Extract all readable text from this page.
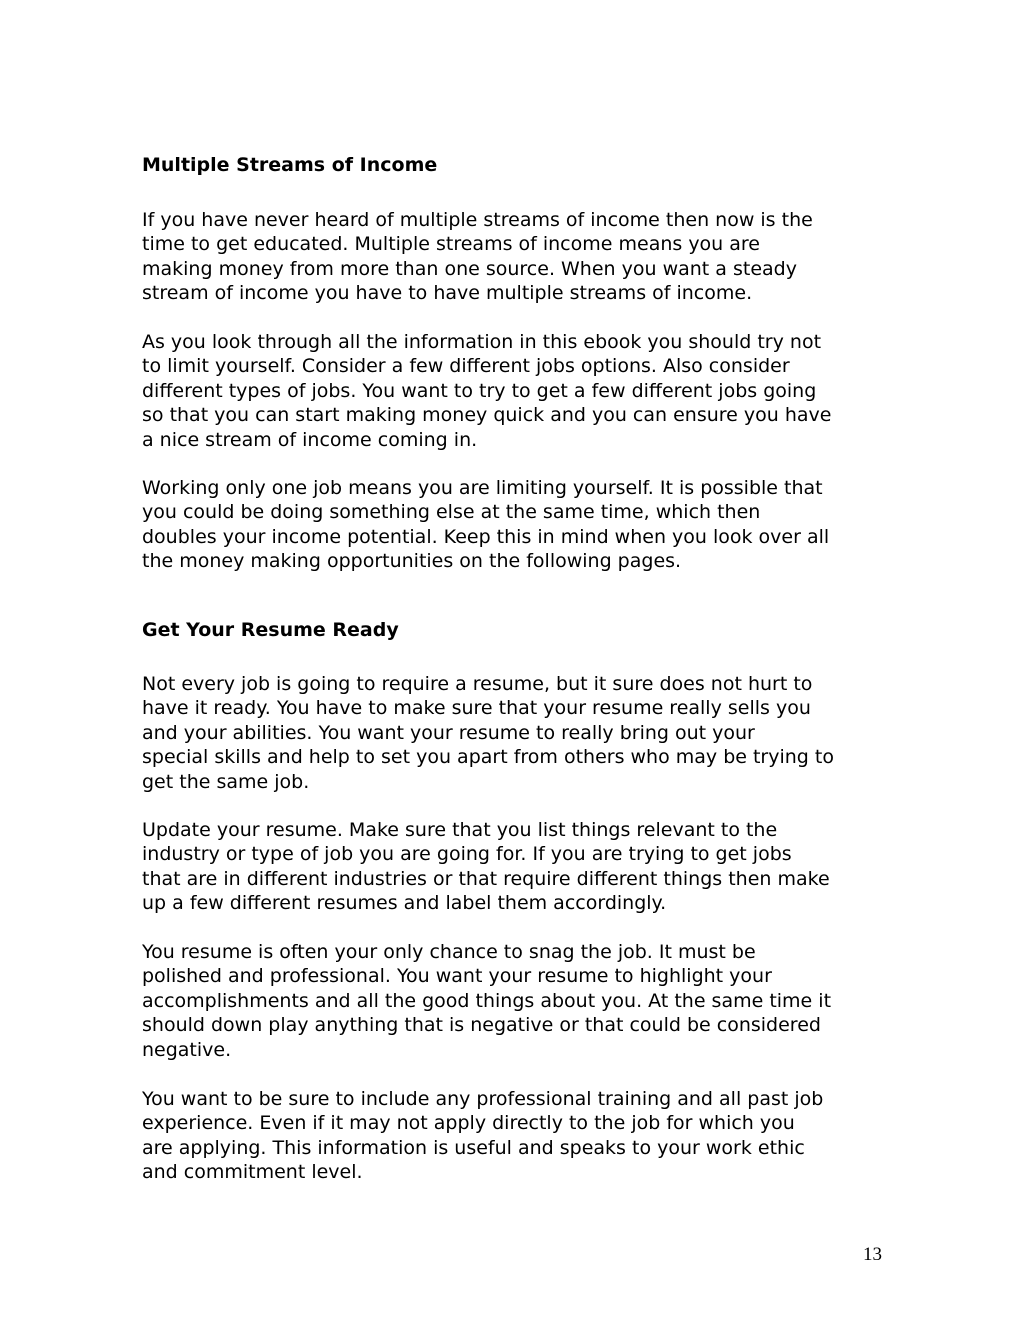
Multiple Streams of Income

If you have never heard of multiple streams of income then now is the
time to get educated. Multiple streams of income means you are
making money from more than one source. When you want a steady
stream of income you have to have multiple streams of income.

As you look through all the information in this ebook you should try not
to limit yourself. Consider a few different jobs options. Also consider
different types of jobs. You want to try to get a few different jobs going
so that you can start making money quick and you can ensure you have
a nice stream of income coming in.

Working only one job means you are limiting yourself. It is possible that
you could be doing something else at the same time, which then
doubles your income potential. Keep this in mind when you look over all
the money making opportunities on the following pages.

Get Your Resume Ready

Not every job is going to require a resume, but it sure does not hurt to
have it ready. You have to make sure that your resume really sells you
and your abilities. You want your resume to really bring out your
special skills and help to set you apart from others who may be trying to
get the same job.

Update your resume. Make sure that you list things relevant to the
industry or type of job you are going for. If you are trying to get jobs
that are in different industries or that require different things then make
up a few different resumes and label them accordingly.

You resume is often your only chance to snag the job. It must be
polished and professional. You want your resume to highlight your
accomplishments and all the good things about you. At the same time it
should down play anything that is negative or that could be considered
negative.

You want to be sure to include any professional training and all past job
experience. Even if it may not apply directly to the job for which you
are applying. This information is useful and speaks to your work ethic
and commitment level.

13
